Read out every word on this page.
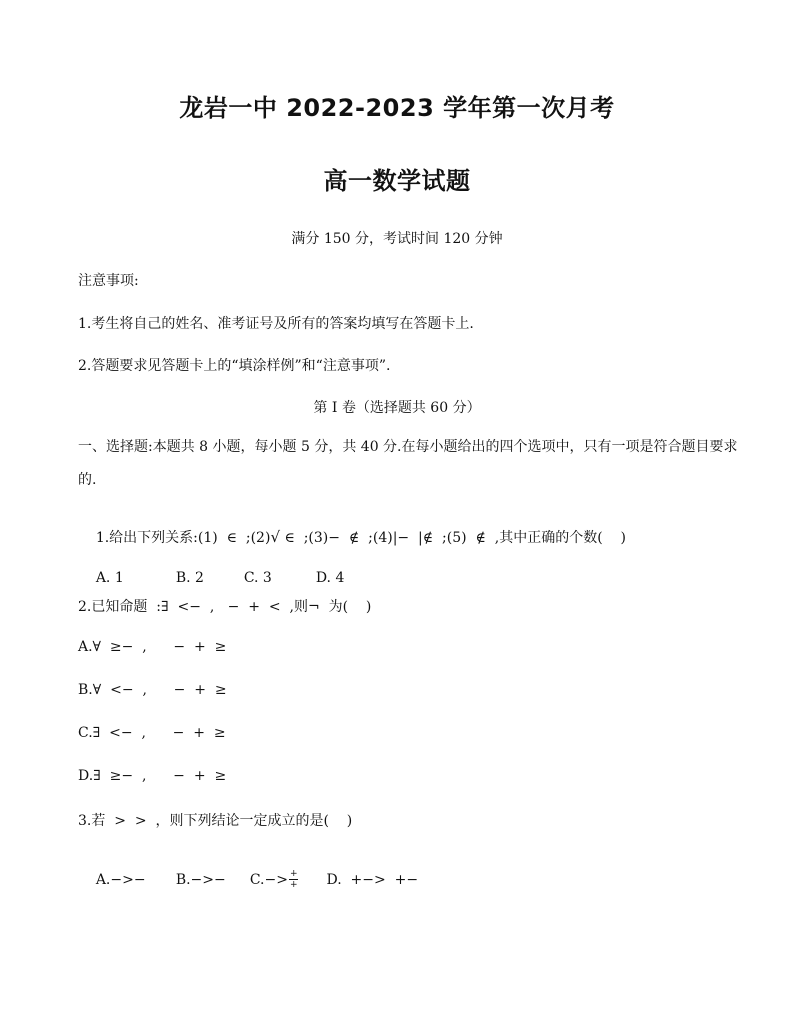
龙岩一中 2022-2023 学年第一次月考
高一数学试题
满分 150 分，考试时间 120 分钟
注意事项:
1.考生将自己的姓名、准考证号及所有的答案均填写在答题卡上.
2.答题要求见答题卡上的“填涂样例”和“注意事项”.
第 I 卷（选择题共 60 分）
一、选择题:本题共 8 小题，每小题 5 分，共 40 分.在每小题给出的四个选项中，只有一项是符合题目要求的.

1.给出下列关系:(1)  ∈  ;(2)√ ∈  ;(3)−  ∉  ;(4)|−  |∉  ;(5)  ∉  ,其中正确的个数(    )

A. 1	B. 2	C. 3	D. 4

2.已知命题  :∃  <−  ,   −  +  <  ,则¬  为(    )
A.∀  ≥−  ,      −  +  ≥
B.∀  <−  ,      −  +  ≥
C.∃  <−  ,      −  +  ≥
D.∃  ≥−  ,      −  +  ≥
3.若  >  >  ，则下列结论一定成立的是(    )

$A.->- B.->- C.-> \frac{+}{+} D$.  +−>  +−
